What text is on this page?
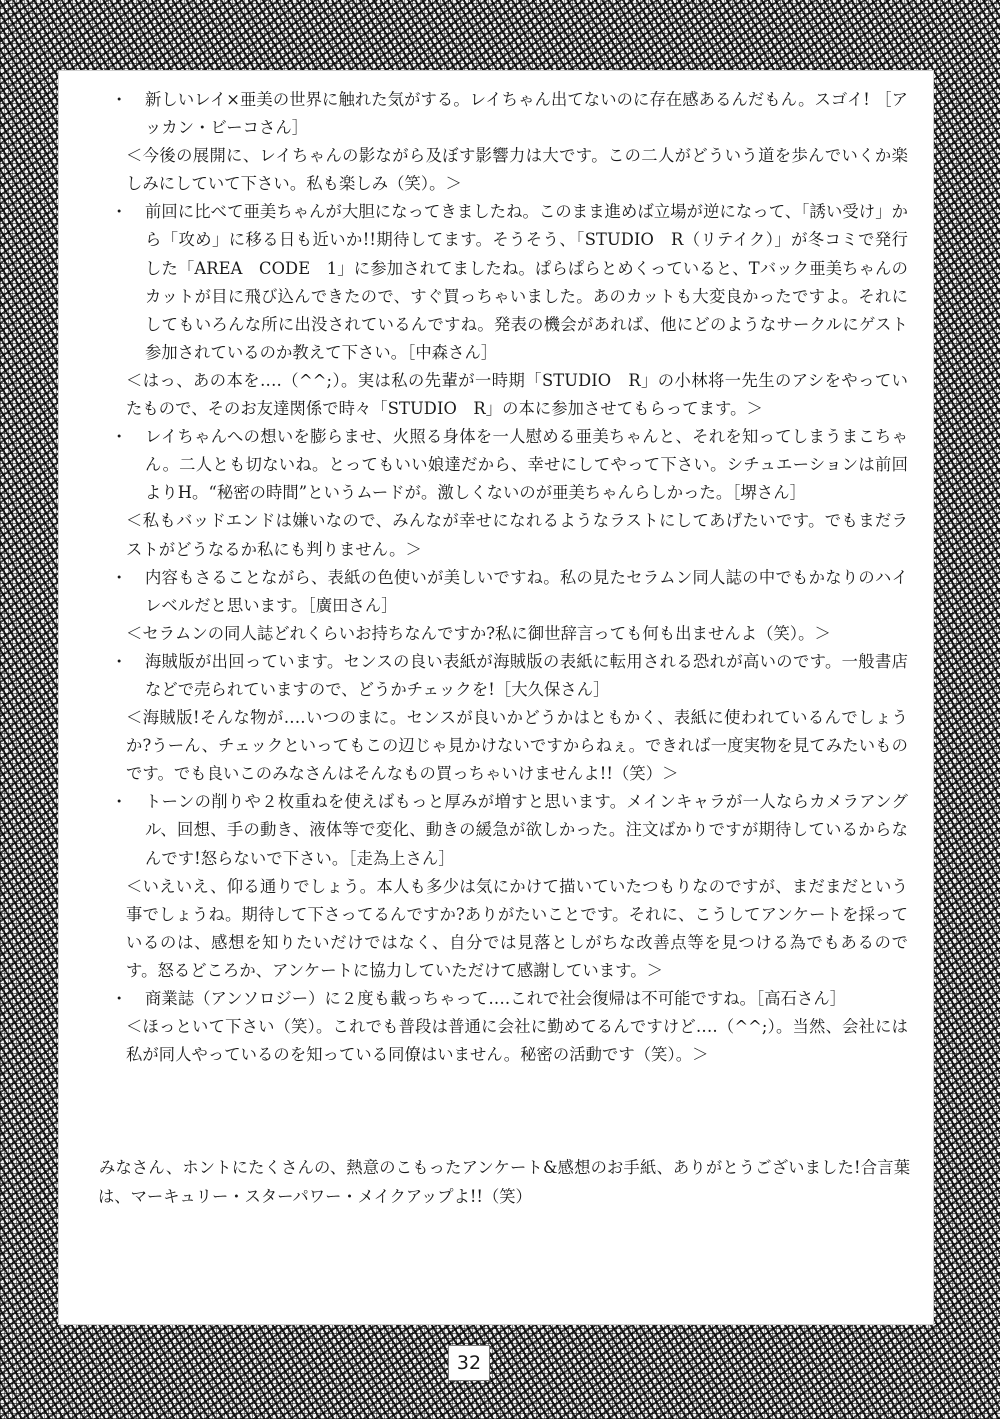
・ 新しいレイ×亜美の世界に触れた気がする。レイちゃん出てないのに存在感あるんだもん。スゴイ! ［アッカン・ビーコさん］

＜今後の展開に、レイちゃんの影ながら及ぼす影響力は大です。この二人がどういう道を歩んでいくか楽しみにしていて下さい。私も楽しみ（笑）。＞

・ 前回に比べて亜美ちゃんが大胆になってきましたね。このまま進めば立場が逆になって、「誘い受け」から「攻め」に移る日も近いか!!期待してます。そうそう、「STUDIO　R（リテイク）」が冬コミで発行した「AREA　CODE　1」に参加されてましたね。ぱらぱらとめくっていると、Tバック亜美ちゃんのカットが目に飛び込んできたので、すぐ買っちゃいました。あのカットも大変良かったですよ。それにしてもいろんな所に出没されているんですね。発表の機会があれば、他にどのようなサークルにゲスト参加されているのか教えて下さい。［中森さん］

＜はっ、あの本を‥‥（^^;）。実は私の先輩が一時期「STUDIO　R」の小林将一先生のアシをやっていたもので、そのお友達関係で時々「STUDIO　R」の本に参加させてもらってます。＞

・ レイちゃんへの想いを膨らませ、火照る身体を一人慰める亜美ちゃんと、それを知ってしまうまこちゃん。二人とも切ないね。とってもいい娘達だから、幸せにしてやって下さい。シチュエーションは前回よりH。“秘密の時間”というムードが。激しくないのが亜美ちゃんらしかった。［堺さん］

＜私もバッドエンドは嫌いなので、みんなが幸せになれるようなラストにしてあげたいです。でもまだラストがどうなるか私にも判りません。＞

・ 内容もさることながら、表紙の色使いが美しいですね。私の見たセラムン同人誌の中でもかなりのハイレベルだと思います。［廣田さん］

＜セラムンの同人誌どれくらいお持ちなんですか?私に御世辞言っても何も出ませんよ（笑）。＞

・ 海賊版が出回っています。センスの良い表紙が海賊版の表紙に転用される恐れが高いのです。一般書店などで売られていますので、どうかチェックを!［大久保さん］

＜海賊版!そんな物が‥‥いつのまに。センスが良いかどうかはともかく、表紙に使われているんでしょうか?うーん、チェックといってもこの辺じゃ見かけないですからねぇ。できれば一度実物を見てみたいものです。でも良いこのみなさんはそんなもの買っちゃいけませんよ!!（笑）＞

・ トーンの削りや２枚重ねを使えばもっと厚みが増すと思います。メインキャラが一人ならカメラアングル、回想、手の動き、液体等で変化、動きの緩急が欲しかった。注文ばかりですが期待しているからなんです!怒らないで下さい。［走為上さん］

＜いえいえ、仰る通りでしょう。本人も多少は気にかけて描いていたつもりなのですが、まだまだという事でしょうね。期待して下さってるんですか?ありがたいことです。それに、こうしてアンケートを採っているのは、感想を知りたいだけではなく、自分では見落としがちな改善点等を見つける為でもあるのです。怒るどころか、アンケートに協力していただけて感謝しています。＞

・ 商業誌（アンソロジー）に２度も載っちゃって‥‥これで社会復帰は不可能ですね。［高石さん］

＜ほっといて下さい（笑）。これでも普段は普通に会社に勤めてるんですけど‥‥（^^;）。当然、会社には私が同人やっているのを知っている同僚はいません。秘密の活動です（笑）。＞

みなさん、ホントにたくさんの、熱意のこもったアンケート&感想のお手紙、ありがとうございました!合言葉は、マーキュリー・スターパワー・メイクアップよ!!（笑）

32
